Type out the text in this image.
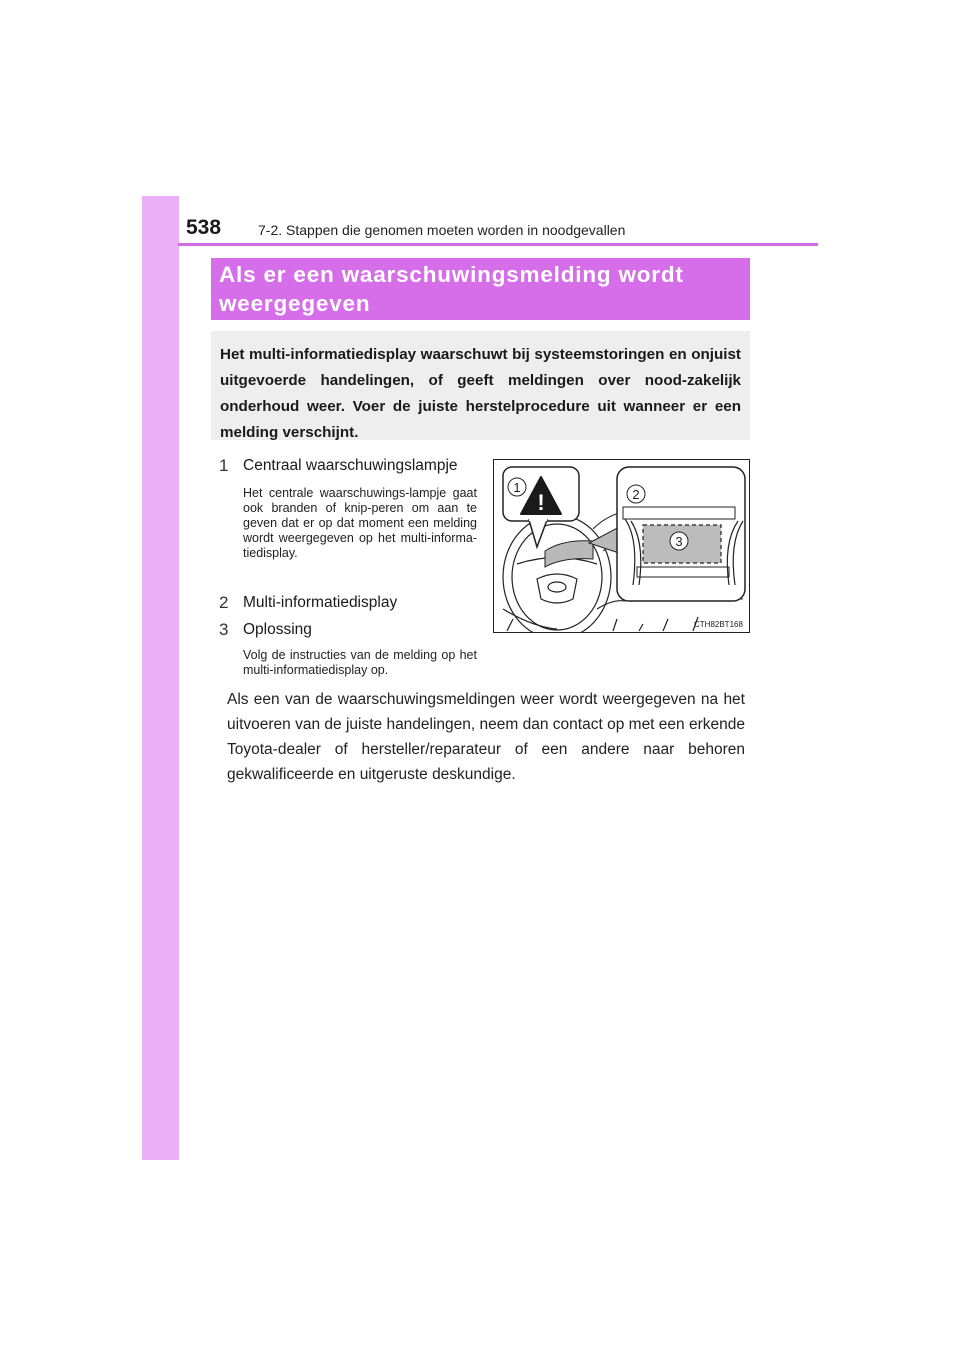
538	7-2. Stappen die genomen moeten worden in noodgevallen
Als er een waarschuwingsmelding wordt
weergegeven
Het multi-informatiedisplay waarschuwt bij systeemstoringen en onjuist uitgevoerde handelingen, of geeft meldingen over nood-zakelijk onderhoud weer. Voer de juiste herstelprocedure uit wanneer er een melding verschijnt.
1 Centraal waarschuwingslampje
Het centrale waarschuwings-lampje gaat ook branden of knip-peren om aan te geven dat er op dat moment een melding wordt weergegeven op het multi-informa-tiedisplay.
2 Multi-informatiedisplay
3 Oplossing
Volg de instructies van de melding op het multi-informatiedisplay op.
Als een van de waarschuwingsmeldingen weer wordt weergegeven na het uitvoeren van de juiste handelingen, neem dan contact op met een erkende Toyota-dealer of hersteller/reparateur of een andere naar behoren gekwalificeerde en uitgeruste deskundige.
!
1	2
3
CTH82BT168
